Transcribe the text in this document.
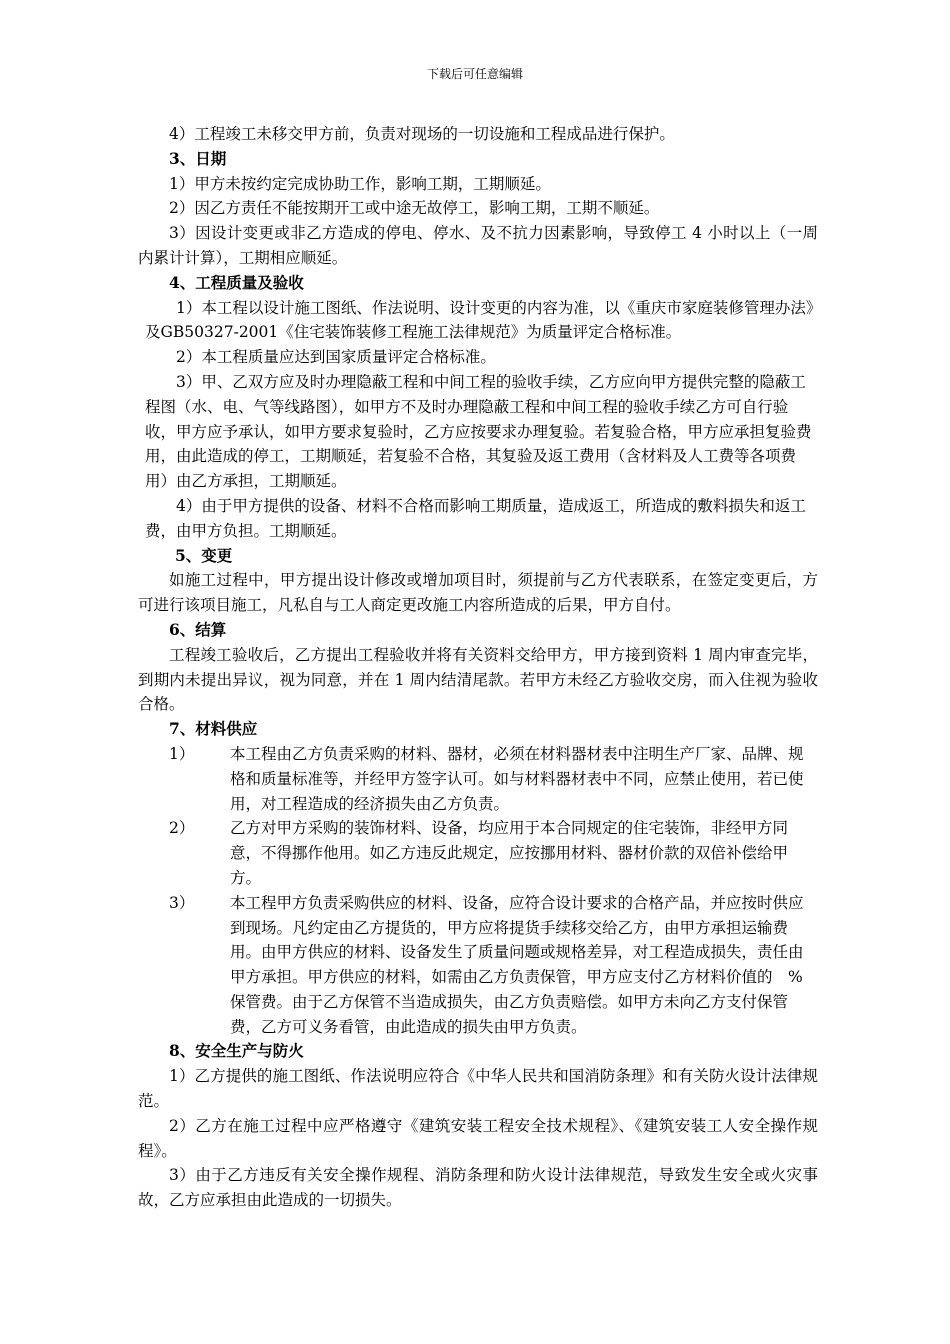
下载后可任意编辑

4）工程竣工未移交甲方前，负责对现场的一切设施和工程成品进行保护。

3、日期

1）甲方未按约定完成协助工作，影响工期，工期顺延。

2）因乙方责任不能按期开工或中途无故停工，影响工期，工期不顺延。

3）因设计变更或非乙方造成的停电、停水、及不抗力因素影响，导致停工 4 小时以上（一周内累计计算），工期相应顺延。

4、工程质量及验收

1）本工程以设计施工图纸、作法说明、设计变更的内容为准，以《重庆市家庭装修管理办法》及GB50327-2001《住宅装饰装修工程施工法律规范》为质量评定合格标准。

2）本工程质量应达到国家质量评定合格标准。

3）甲、乙双方应及时办理隐蔽工程和中间工程的验收手续，乙方应向甲方提供完整的隐蔽工程图（水、电、气等线路图），如甲方不及时办理隐蔽工程和中间工程的验收手续乙方可自行验收，甲方应予承认，如甲方要求复验时，乙方应按要求办理复验。若复验合格，甲方应承担复验费用，由此造成的停工，工期顺延，若复验不合格，其复验及返工费用（含材料及人工费等各项费用）由乙方承担，工期顺延。

4）由于甲方提供的设备、材料不合格而影响工期质量，造成返工，所造成的敷料损失和返工费，由甲方负担。工期顺延。

5、变更

如施工过程中，甲方提出设计修改或增加项目时，须提前与乙方代表联系，在签定变更后，方可进行该项目施工，凡私自与工人商定更改施工内容所造成的后果，甲方自付。

6、结算

工程竣工验收后，乙方提出工程验收并将有关资料交给甲方，甲方接到资料 1 周内审查完毕，到期内未提出异议，视为同意，并在 1 周内结清尾款。若甲方未经乙方验收交房，而入住视为验收合格。

7、材料供应

1）	本工程由乙方负责采购的材料、器材，必须在材料器材表中注明生产厂家、品牌、规格和质量标准等，并经甲方签字认可。如与材料器材表中不同，应禁止使用，若已使用，对工程造成的经济损失由乙方负责。
2）	乙方对甲方采购的装饰材料、设备，均应用于本合同规定的住宅装饰，非经甲方同意，不得挪作他用。如乙方违反此规定，应按挪用材料、器材价款的双倍补偿给甲方。
3）	本工程甲方负责采购供应的材料、设备，应符合设计要求的合格产品，并应按时供应到现场。凡约定由乙方提货的，甲方应将提货手续移交给乙方，由甲方承担运输费用。由甲方供应的材料、设备发生了质量问题或规格差异，对工程造成损失，责任由甲方承担。甲方供应的材料，如需由乙方负责保管，甲方应支付乙方材料价值的　%保管费。由于乙方保管不当造成损失，由乙方负责赔偿。如甲方未向乙方支付保管费，乙方可义务看管，由此造成的损失由甲方负责。

8、安全生产与防火

1）乙方提供的施工图纸、作法说明应符合《中华人民共和国消防条理》和有关防火设计法律规范。

2）乙方在施工过程中应严格遵守《建筑安装工程安全技术规程》、《建筑安装工人安全操作规程》。

3）由于乙方违反有关安全操作规程、消防条理和防火设计法律规范，导致发生安全或火灾事故，乙方应承担由此造成的一切损失。
